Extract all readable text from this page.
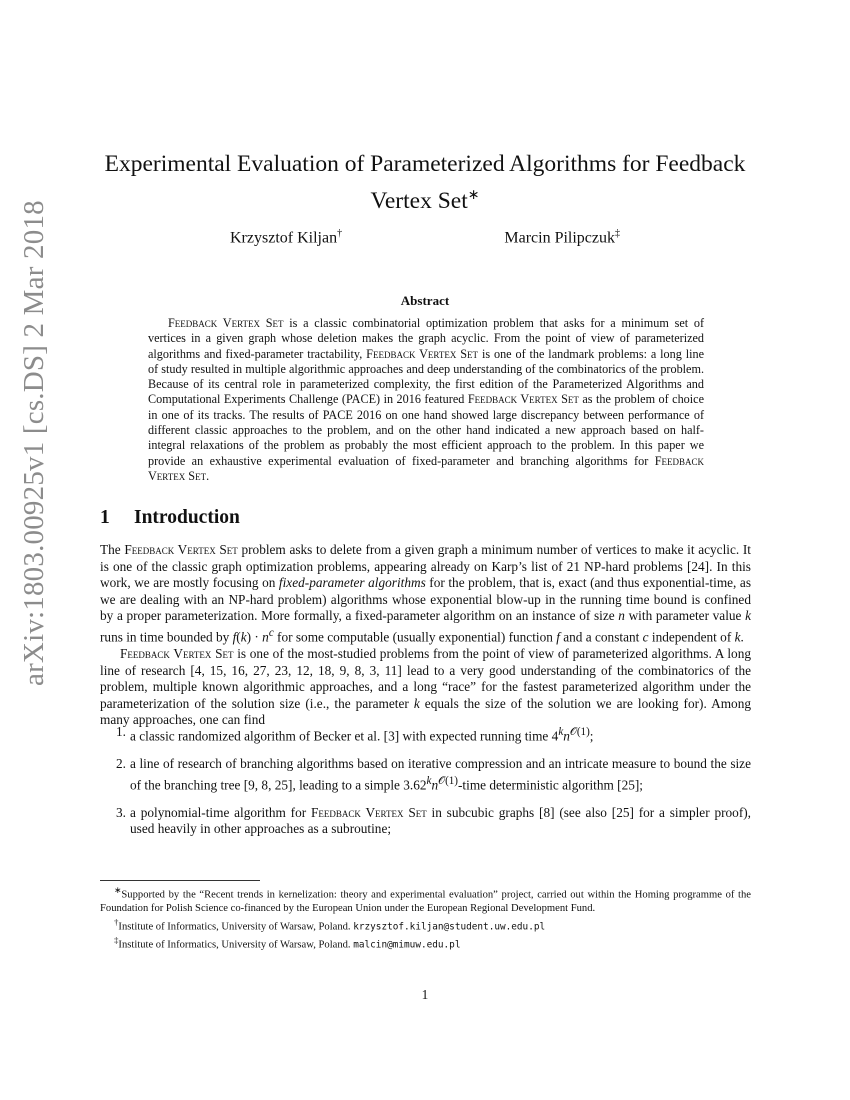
arXiv:1803.00925v1 [cs.DS] 2 Mar 2018
Experimental Evaluation of Parameterized Algorithms for Feedback Vertex Set∗
Krzysztof Kiljan†	Marcin Pilipczuk‡
Abstract

Feedback Vertex Set is a classic combinatorial optimization problem that asks for a minimum set of vertices in a given graph whose deletion makes the graph acyclic. From the point of view of parameterized algorithms and fixed-parameter tractability, Feedback Vertex Set is one of the landmark problems: a long line of study resulted in multiple algorithmic approaches and deep understanding of the combinatorics of the problem. Because of its central role in parameterized complexity, the first edition of the Parameterized Algorithms and Computational Experiments Challenge (PACE) in 2016 featured Feedback Vertex Set as the problem of choice in one of its tracks. The results of PACE 2016 on one hand showed large discrepancy between performance of different classic approaches to the problem, and on the other hand indicated a new approach based on half-integral relaxations of the problem as probably the most efficient approach to the problem. In this paper we provide an exhaustive experimental evaluation of fixed-parameter and branching algorithms for Feedback Vertex Set.

1 Introduction

The Feedback Vertex Set problem asks to delete from a given graph a minimum number of vertices to make it acyclic. It is one of the classic graph optimization problems, appearing already on Karp’s list of 21 NP-hard problems [24]. In this work, we are mostly focusing on fixed-parameter algorithms for the problem, that is, exact (and thus exponential-time, as we are dealing with an NP-hard problem) algorithms whose exponential blow-up in the running time bound is confined by a proper parameterization. More formally, a fixed-parameter algorithm on an instance of size n with parameter value k runs in time bounded by $f(k) \cdot n^c$ for some computable (usually exponential) function f and a constant c independent of k.

Feedback Vertex Set is one of the most-studied problems from the point of view of parameterized algorithms. A long line of research [4, 15, 16, 27, 23, 12, 18, 9, 8, 3, 11] lead to a very good understanding of the combinatorics of the problem, multiple known algorithmic approaches, and a long “race” for the fastest parameterized algorithm under the parameterization of the solution size (i.e., the parameter k equals the size of the solution we are looking for). Among many approaches, one can find

1. a classic randomized algorithm of Becker et al. [3] with expected running time $4^kn^{𝒪(1)}$;
2. a line of research of branching algorithms based on iterative compression and an intricate measure to bound the size of the branching tree [9, 8, 25], leading to a simple $3.62^kn^{𝒪(1)}$-time deterministic algorithm [25];
3. a polynomial-time algorithm for Feedback Vertex Set in subcubic graphs [8] (see also [25] for a simpler proof), used heavily in other approaches as a subroutine;

∗Supported by the “Recent trends in kernelization: theory and experimental evaluation” project, carried out within the Homing programme of the Foundation for Polish Science co-financed by the European Union under the European Regional Development Fund.

†Institute of Informatics, University of Warsaw, Poland. krzysztof.kiljan@student.uw.edu.pl

‡Institute of Informatics, University of Warsaw, Poland. malcin@mimuw.edu.pl

1
